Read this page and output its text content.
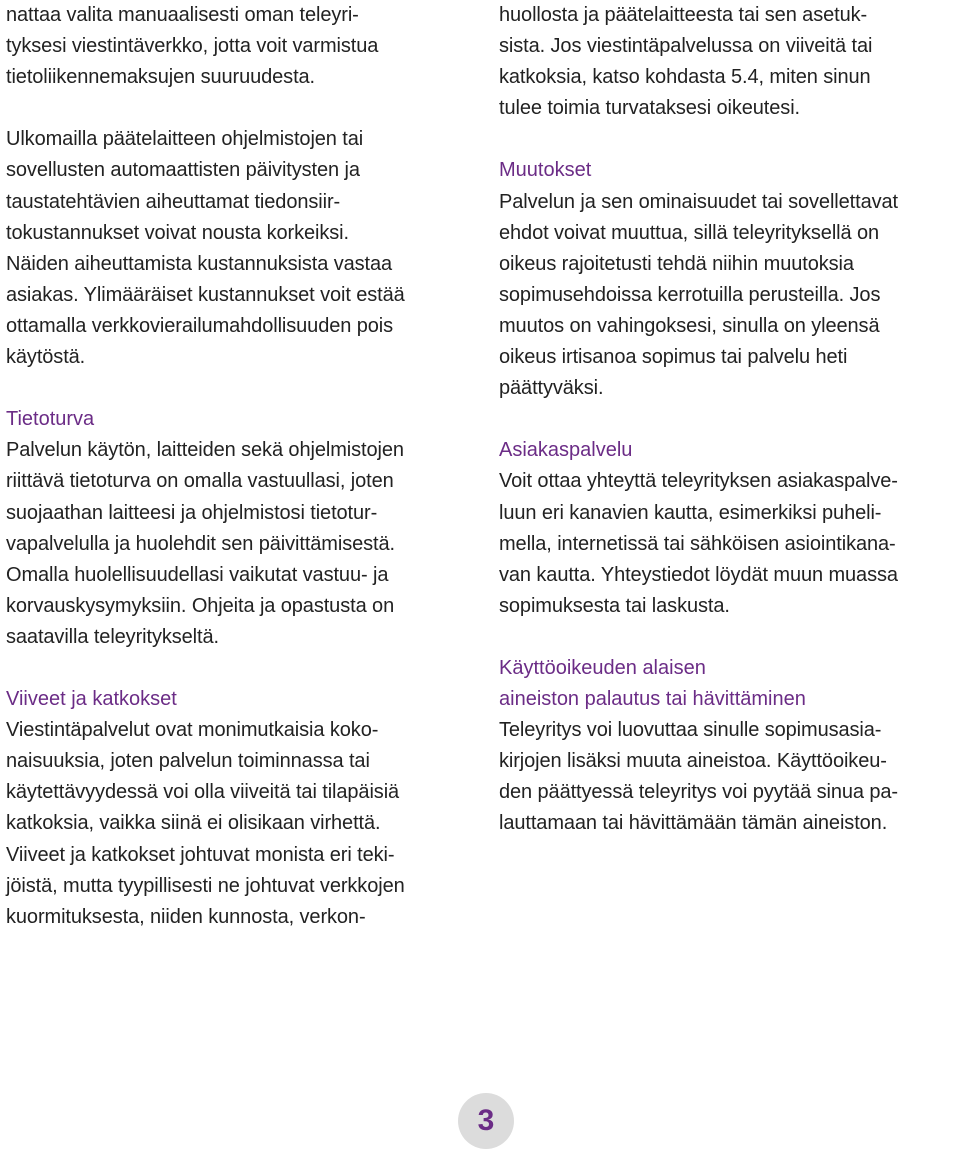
nattaa valita manuaalisesti oman teleyri-
tyksesi viestintäverkko, jotta voit varmistua
tietoliikennemaksujen suuruudesta.
Ulkomailla päätelaitteen ohjelmistojen tai
sovellusten automaattisten päivitysten ja
taustatehtävien aiheuttamat tiedonsiir-
tokustannukset voivat nousta korkeiksi.
Näiden aiheuttamista kustannuksista vastaa
asiakas. Ylimääräiset kustannukset voit estää
ottamalla verkkovierailumahdollisuuden pois
käytöstä.
Tietoturva
Palvelun käytön, laitteiden sekä ohjelmistojen
riittävä tietoturva on omalla vastuullasi, joten
suojaathan laitteesi ja ohjelmistosi tietotur-
vapalvelulla ja huolehdit sen päivittämisestä.
Omalla huolellisuudellasi vaikutat vastuu- ja
korvauskysymyksiin. Ohjeita ja opastusta on
saatavilla teleyritykseltä.
Viiveet ja katkokset
Viestintäpalvelut ovat monimutkaisia koko-
naisuuksia, joten palvelun toiminnassa tai
käytettävyydessä voi olla viiveitä tai tilapäisiä
katkoksia, vaikka siinä ei olisikaan virhettä.
Viiveet ja katkokset johtuvat monista eri teki-
jöistä, mutta tyypillisesti ne johtuvat verkkojen
kuormituksesta, niiden kunnosta, verkon-
huollosta ja päätelaitteesta tai sen asetuk-
sista. Jos viestintäpalvelussa on viiveitä tai
katkoksia, katso kohdasta 5.4, miten sinun
tulee toimia turvataksesi oikeutesi.
Muutokset
Palvelun ja sen ominaisuudet tai sovellettavat
ehdot voivat muuttua, sillä teleyrityksellä on
oikeus rajoitetusti tehdä niihin muutoksia
sopimusehdoissa kerrotuilla perusteilla. Jos
muutos on vahingoksesi, sinulla on yleensä
oikeus irtisanoa sopimus tai palvelu heti
päättyväksi.
Asiakaspalvelu
Voit ottaa yhteyttä teleyrityksen asiakaspalve-
luun eri kanavien kautta, esimerkiksi puheli-
mella, internetissä tai sähköisen asiointikana-
van kautta. Yhteystiedot löydät muun muassa
sopimuksesta tai laskusta.
Käyttöoikeuden alaisen
aineiston palautus tai hävittäminen
Teleyritys voi luovuttaa sinulle sopimusasia-
kirjojen lisäksi muuta aineistoa. Käyttöoikeu-
den päättyessä teleyritys voi pyytää sinua pa-
lauttamaan tai hävittämään tämän aineiston.
3
